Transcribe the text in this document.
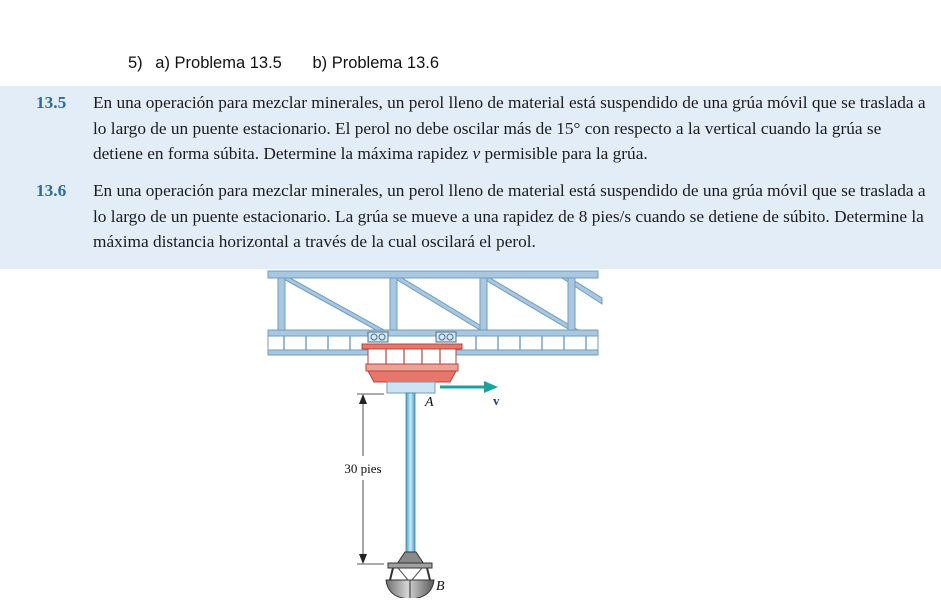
5) a) Problema 13.5 b) Problema 13.6
13.5 En una operación para mezclar minerales, un perol lleno de material está suspendido de una grúa móvil que se traslada a lo largo de un puente estacionario. El perol no debe oscilar más de 15° con respecto a la vertical cuando la grúa se detiene en forma súbita. Determine la máxima rapidez v permisible para la grúa.
13.6 En una operación para mezclar minerales, un perol lleno de material está suspendido de una grúa móvil que se traslada a lo largo de un puente estacionario. La grúa se mueve a una rapidez de 8 pies/s cuando se detiene de súbito. Determine la máxima distancia horizontal a través de la cual oscilará el perol.
v
A
30 pies
B
